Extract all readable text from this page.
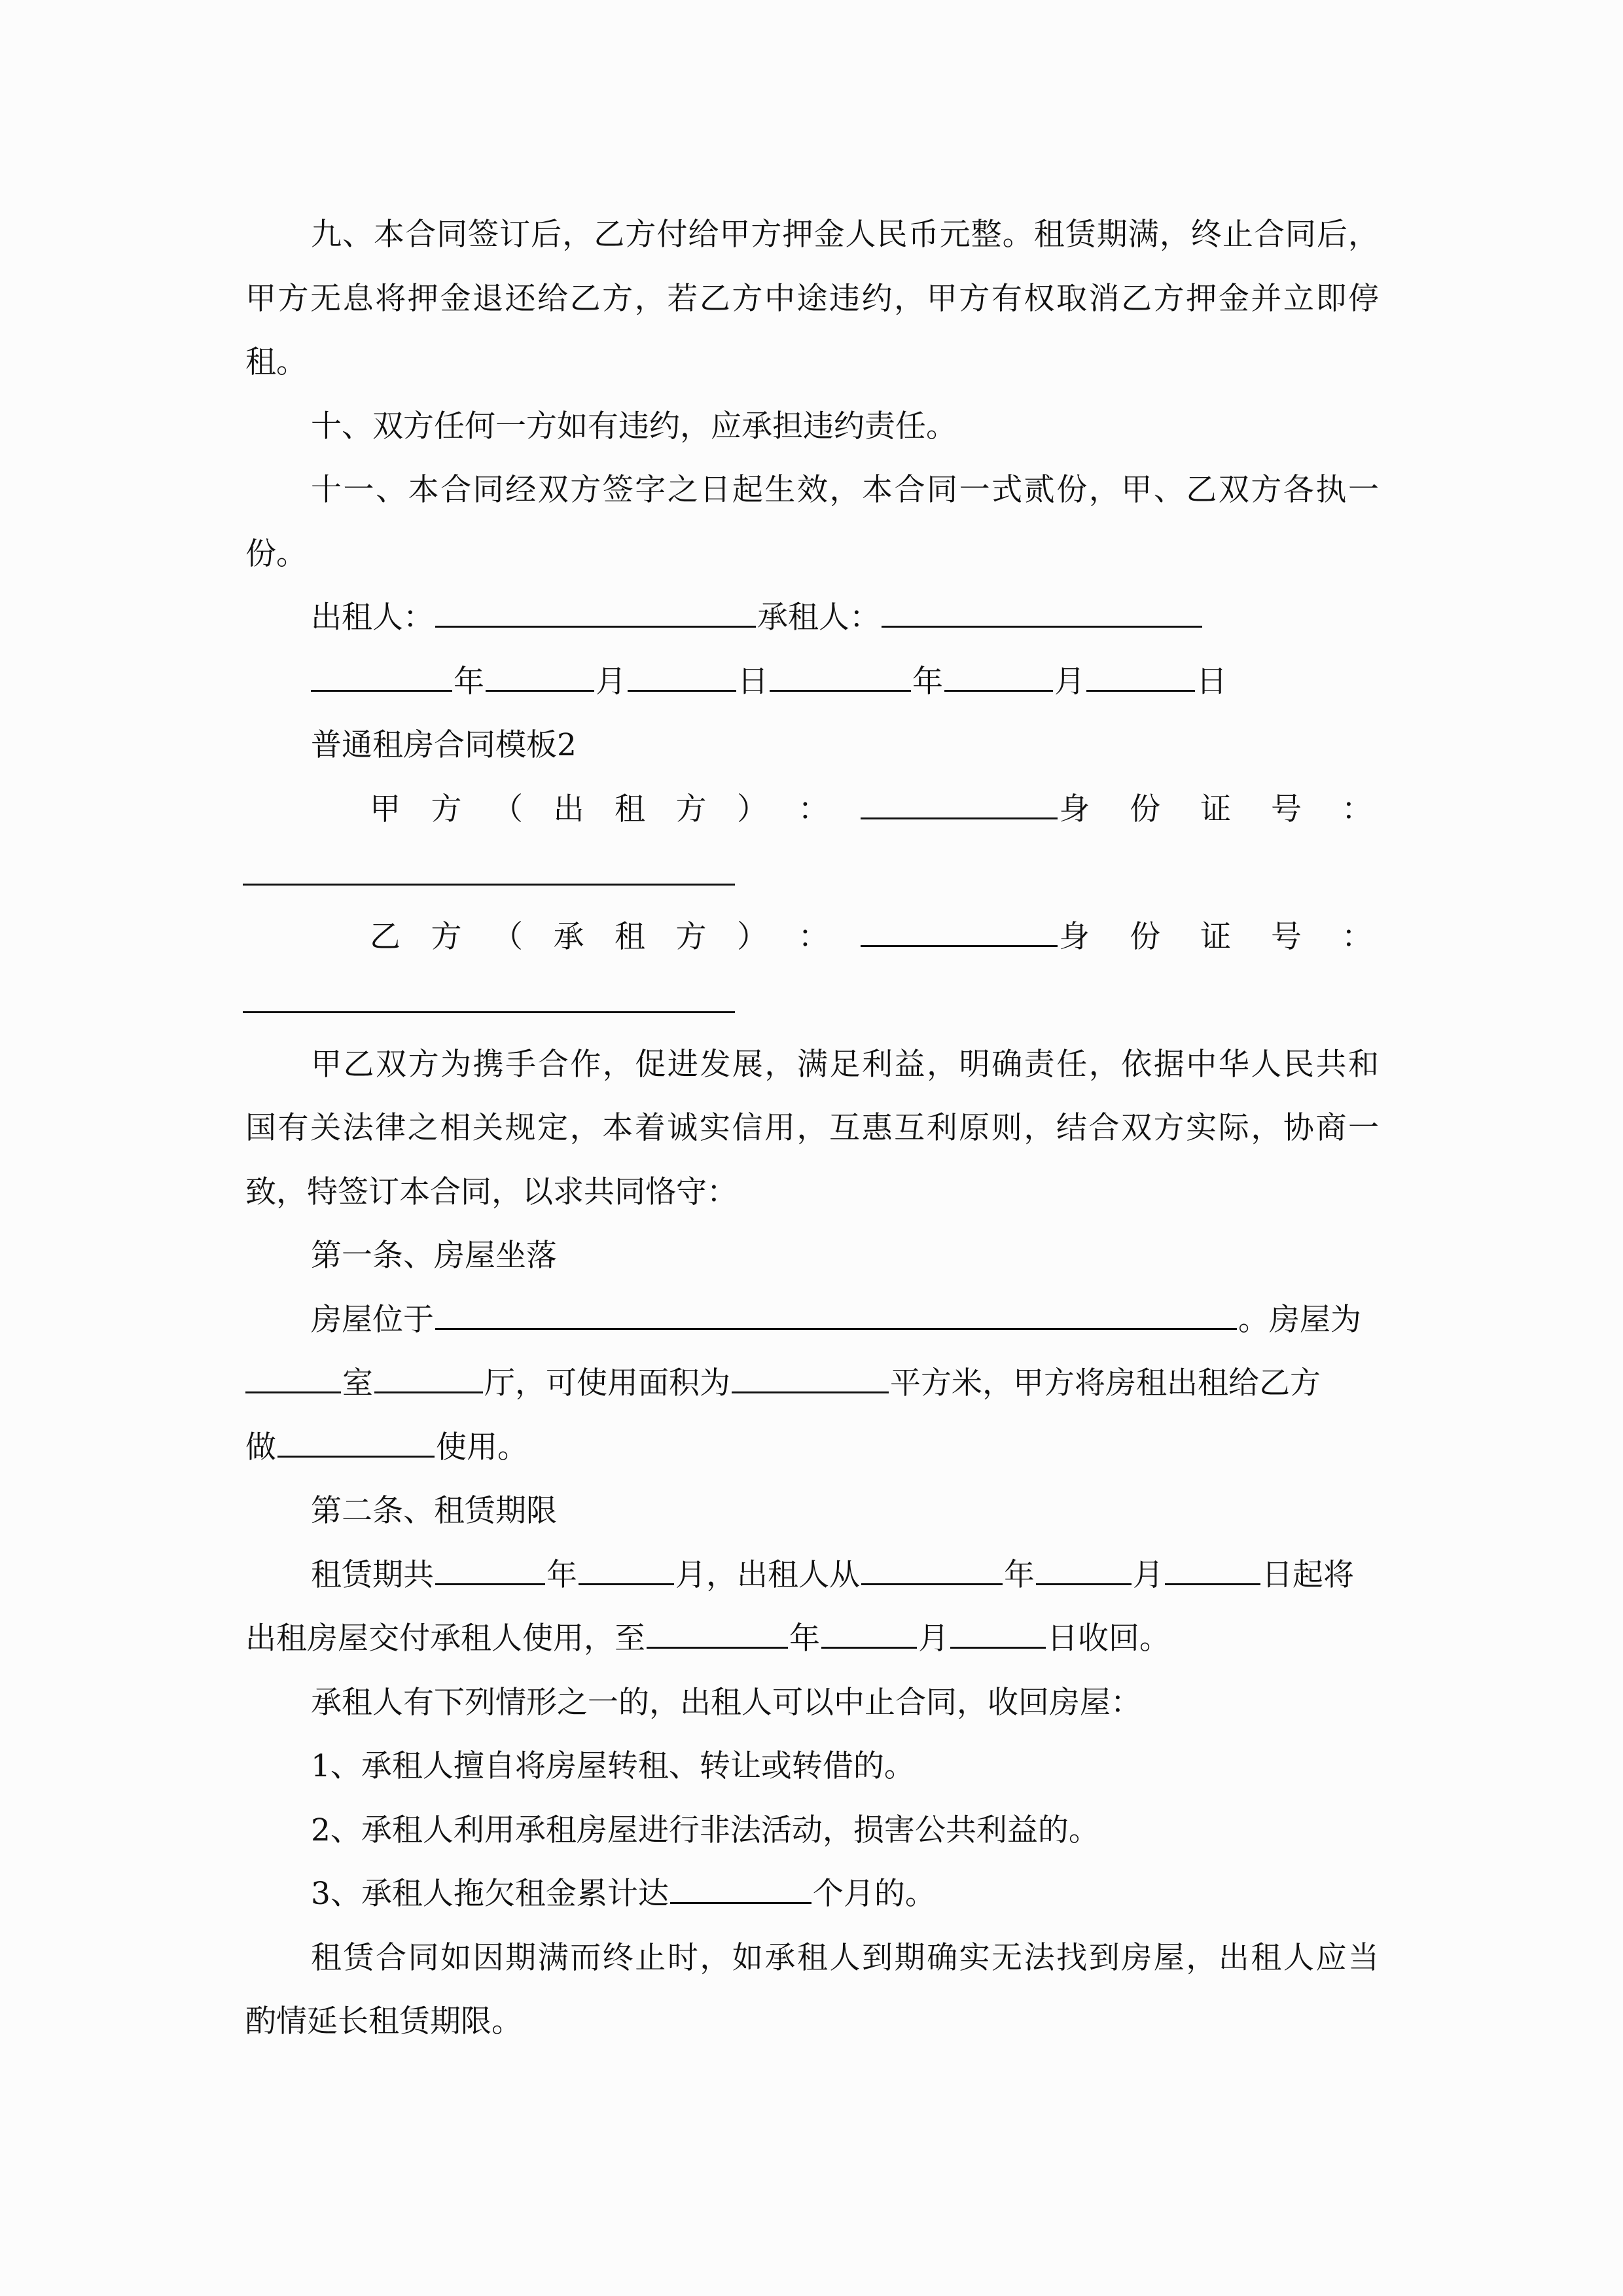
九、本合同签订后，乙方付给甲方押金人民币元整。租赁期满，终止合同后，
甲方无息将押金退还给乙方，若乙方中途违约，甲方有权取消乙方押金并立即停
租。
十、双方任何一方如有违约，应承担违约责任。
十一、本合同经双方签字之日起生效，本合同一式贰份，甲、乙双方各执一
份。
出租人：	承租人：
年	月	日	年	月	日
普通租房合同模板2
甲 方 （ 出 租 方 ） ：	身 份 证 号 ：
乙 方 （ 承 租 方 ） ：	身 份 证 号 ：
甲乙双方为携手合作，促进发展，满足利益，明确责任，依据中华人民共和
国有关法律之相关规定，本着诚实信用，互惠互利原则，结合双方实际，协商一
致，特签订本合同，以求共同恪守：
第一条、房屋坐落
房屋位于	。房屋为
室	厅，可使用面积为	平方米，甲方将房租出租给乙方
做	使用。
第二条、租赁期限
租赁期共	年	月，出租人从	年	月	日起将
出租房屋交付承租人使用，至	年	月	日收回。
承租人有下列情形之一的，出租人可以中止合同，收回房屋：
1、承租人擅自将房屋转租、转让或转借的。
2、承租人利用承租房屋进行非法活动，损害公共利益的。
3、承租人拖欠租金累计达	个月的。
租赁合同如因期满而终止时，如承租人到期确实无法找到房屋，出租人应当
酌情延长租赁期限。
